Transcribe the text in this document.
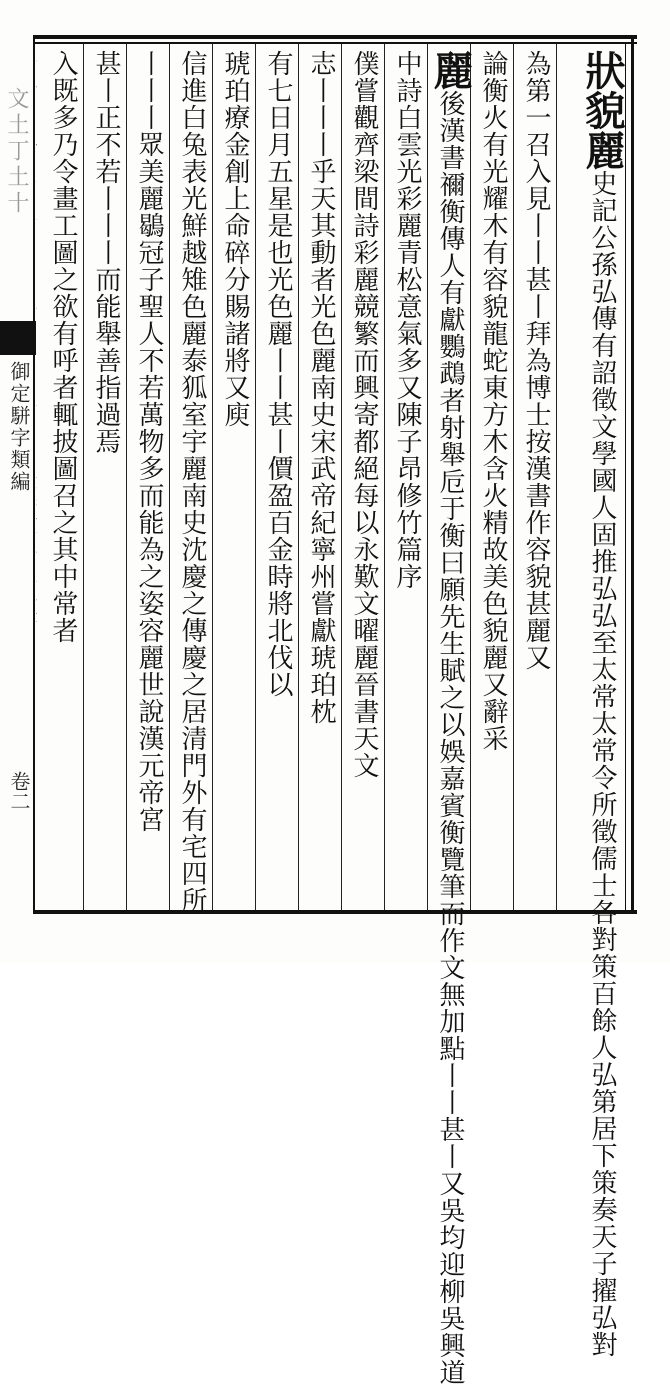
文土丁土十
御定駢字類編
卷二
狀貌麗史記公孫弘傳有詔徵文學國人固推弘弘至太常太常令所徵儒士各對策百餘人弘第居下策奏天子擢弘對
為第一召入見丨丨甚丨拜為博士按漢書作容貌甚麗又
論衡火有光耀木有容貌龍蛇東方木含火精故美色貌麗又辭采
麗後漢書禰衡傳人有獻鸚鵡者射舉卮于衡曰願先生賦之以娛嘉賓衡覽筆而作文無加點丨丨甚丨又吳均迎柳吳興道
中詩白雲光彩麗青松意氣多又陳子昂修竹篇序
僕嘗觀齊梁間詩彩麗競繁而興寄都絕每以永歎文曜麗晉書天文
志丨丨丨乎天其動者光色麗南史宋武帝紀寧州嘗獻琥珀枕
有七日月五星是也光色麗丨丨甚丨價盈百金時將北伐以
琥珀療金創上命碎分賜諸將又庾
信進白兔表光鮮越雉色麗泰狐室宇麗南史沈慶之傳慶之居清門外有宅四所
丨丨丨眾美麗鶡冠子聖人不若萬物多而能為之姿容麗世說漢元帝宮
甚丨正不若丨丨丨而能舉善指過焉
入既多乃令畫工圖之欲有呼者輒披圖召之其中常者
